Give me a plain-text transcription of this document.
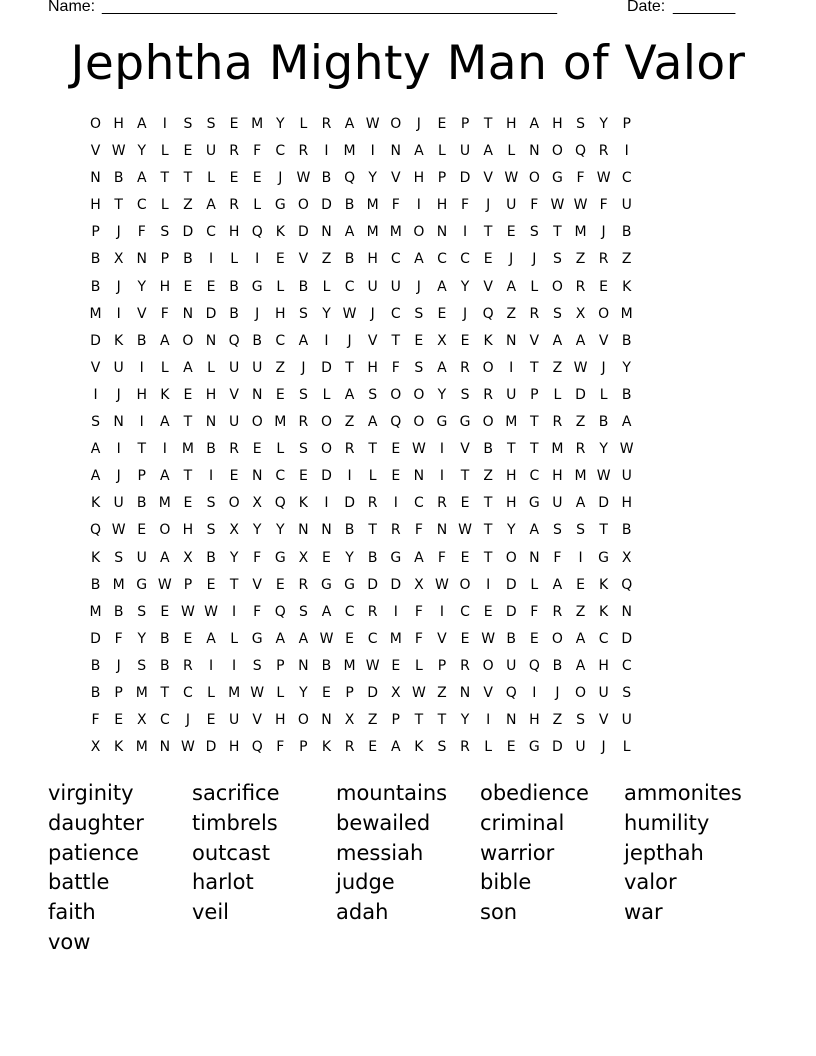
Name:

____________________________________________________

	Date:

_______

Jephtha Mighty Man of Valor
O H A	I	S	S	E M Y	L	R A W O	J	E	P	T H A H S	Y	P
V W Y	L	E U R	F	C R	I	M	I	N A	L	U A	L N O Q R	I
N B A	T	T	L	E	E	J	W B Q Y	V H P D V W O G F W C
H T C	L	Z A R	L G O D B M F	I	H F	J	U F W W F U
P	J	F	S D C H Q K D N A M M O N	I	T	E	S	T M	J	B
B X N P	B	I	L	I	E V Z B H C A C C E	J	J	S Z R Z
B	J	Y H E	E B G L	B	L	C U U	J	A	Y	V A	L O R E	K
M	I	V	F N D B	J	H S	Y W	J	C S	E	J	Q Z R S X O M
D K B A O N Q B C A	I	J	V	T	E X E	K N V A A V B
V U	I	L	A	L	U U Z	J	D T H F	S A R O	I	T	Z W	J	Y
I	J	H K	E H V N E	S	L	A S O O Y	S R U P	L D L	B
S N	I	A	T N U O M R O Z A Q O G G O M T R Z B A
A	I	T	I	M B R E	L	S O R T	E W	I	V B	T	T M R Y W
A	J	P	A	T	I	E N C E D	I	L	E N	I	T	Z H C H M W U
K U B M E	S O X Q K	I	D R	I	C R E	T H G U A D H
Q W E O H S X	Y	Y N N B	T R	F N W T	Y	A S	S	T	B
K	S U A X B	Y	F G X E	Y	B G A	F	E	T O N F	I	G X
B M G W P	E	T	V E R G G D D X W O	I	D L	A E	K Q
M B S	E W W	I	F Q S A C R	I	F	I	C E D F	R Z K N
D F	Y	B E A	L G A A W E C M F	V E W B E O A C D
B	J	S B R	I	I	S	P N B M W E	L	P	R O U Q B A H C
B	P M T C	L M W L	Y	E	P D X W Z N V Q	I	J	O U S
F	E X C	J	E U V H O N X Z	P	T	T	Y	I	N H Z S V U
X K M N W D H Q F	P	K R E A K	S R	L	E G D U	J	L
virginity	sacrifice	mountains	obedience	ammonites
daughter	timbrels	bewailed	criminal	humility
patience	outcast	messiah	warrior	jepthah
battle	harlot	judge	bible	valor
faith	veil	adah	son	war
vow
